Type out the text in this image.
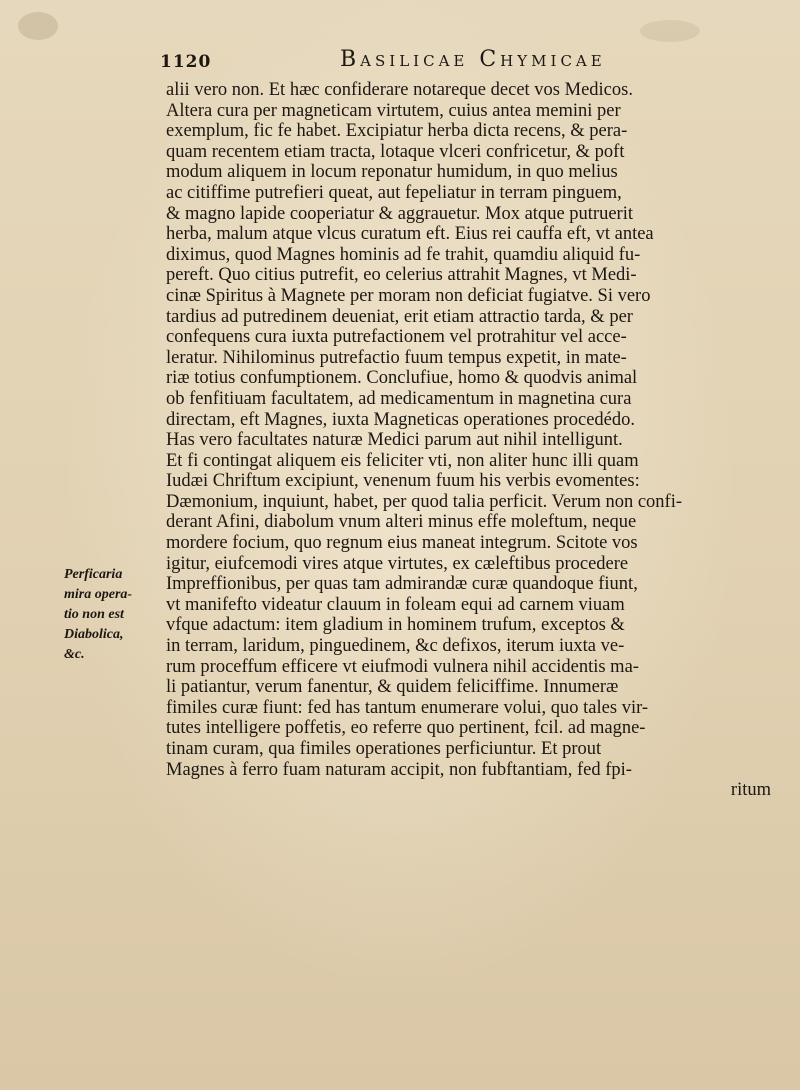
1120	Basilicae Chymicae
Perficaria
mira opera-
tio non est
Diabolica,
&c.
alii vero non. Et hæc confiderare notareque decet vos Medicos.
Altera cura per magneticam virtutem, cuius antea memini per
exemplum, fic fe habet. Excipiatur herba dicta recens, & pera-
quam recentem etiam tracta, lotaque vlceri confricetur, & poft
modum aliquem in locum reponatur humidum, in quo melius
ac citiffime putrefieri queat, aut fepeliatur in terram pinguem,
& magno lapide cooperiatur & aggrauetur. Mox atque putruerit
herba, malum atque vlcus curatum eft. Eius rei cauffa eft, vt antea
diximus, quod Magnes hominis ad fe trahit, quamdiu aliquid fu-
pereft. Quo citius putrefit, eo celerius attrahit Magnes, vt Medi-
cinæ Spiritus à Magnete per moram non deficiat fugiatve. Si vero
tardius ad putredinem deueniat, erit etiam attractio tarda, & per
confequens cura iuxta putrefactionem vel protrahitur vel acce-
leratur. Nihilominus putrefactio fuum tempus expetit, in mate-
riæ totius confumptionem. Conclufiue, homo & quodvis animal
ob fenfitiuam facultatem, ad medicamentum in magnetina cura
directam, eft Magnes, iuxta Magneticas operationes procedédo.
Has vero facultates naturæ Medici parum aut nihil intelligunt.
Et fi contingat aliquem eis feliciter vti, non aliter hunc illi quam
Iudæi Chriftum excipiunt, venenum fuum his verbis evomentes:
Dæmonium, inquiunt, habet, per quod talia perficit. Verum non confi-
derant Afini, diabolum vnum alteri minus effe moleftum, neque
mordere focium, quo regnum eius maneat integrum. Scitote vos
igitur, eiufcemodi vires atque virtutes, ex cæleftibus procedere
Impreffionibus, per quas tam admirandæ curæ quandoque fiunt,
vt manifefto videatur clauum in foleam equi ad carnem viuam
vfque adactum: item gladium in hominem trufum, exceptos &
in terram, laridum, pinguedinem, &c defixos, iterum iuxta ve-
rum proceffum efficere vt eiufmodi vulnera nihil accidentis ma-
li patiantur, verum fanentur, & quidem feliciffime. Innumeræ
fimiles curæ fiunt: fed has tantum enumerare volui, quo tales vir-
tutes intelligere poffetis, eo referre quo pertinent, fcil. ad magne-
tinam curam, qua fimiles operationes perficiuntur. Et prout
Magnes à ferro fuam naturam accipit, non fubftantiam, fed fpi-
ritum
